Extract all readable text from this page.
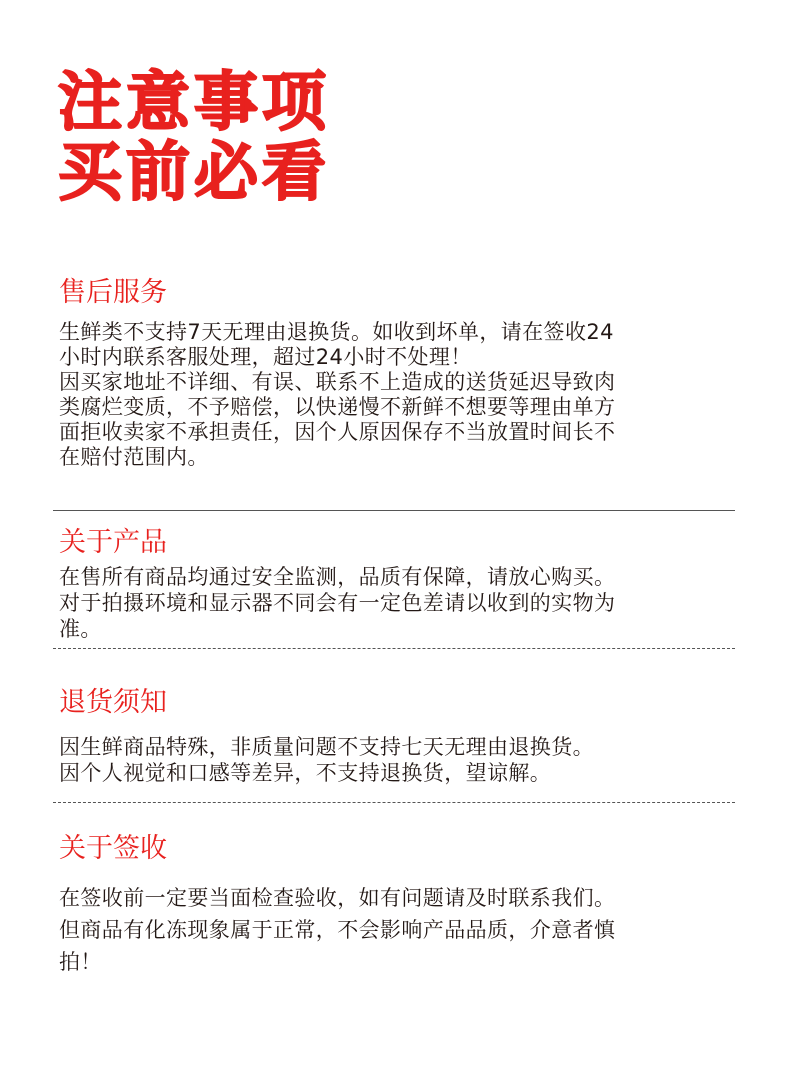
注意事项
买前必看
售后服务
生鲜类不支持7天无理由退换货。如收到坏单，请在签收24
小时内联系客服处理，超过24小时不处理！
因买家地址不详细、有误、联系不上造成的送货延迟导致肉
类腐烂变质，不予赔偿，以快递慢不新鲜不想要等理由单方
面拒收卖家不承担责任，因个人原因保存不当放置时间长不
在赔付范围内。
关于产品
在售所有商品均通过安全监测，品质有保障，请放心购买。
对于拍摄环境和显示器不同会有一定色差请以收到的实物为
准。
退货须知
因生鲜商品特殊，非质量问题不支持七天无理由退换货。
因个人视觉和口感等差异，不支持退换货，望谅解。
关于签收
在签收前一定要当面检查验收，如有问题请及时联系我们。
但商品有化冻现象属于正常，不会影响产品品质，介意者慎
拍！
